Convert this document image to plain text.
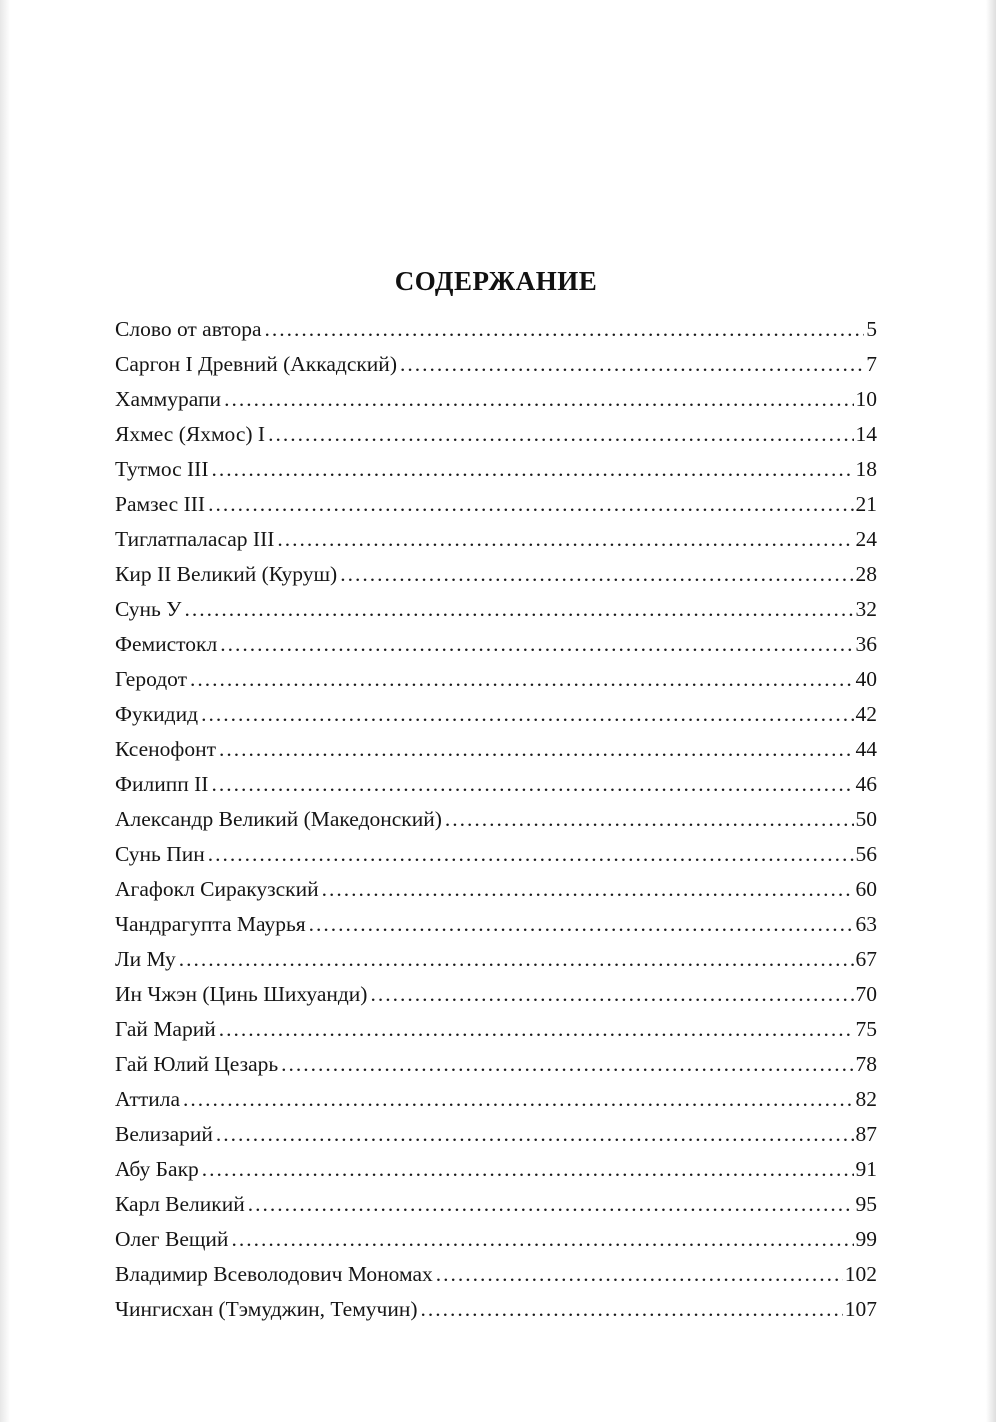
СОДЕРЖАНИЕ
Слово от автора .....	5
Саргон I Древний (Аккадский) .....	7
Хаммурапи .....	10
Яхмес (Яхмос) I .....	14
Тутмос III .....	18
Рамзес III .....	21
Тиглатпаласар III .....	24
Кир II Великий (Куруш) .....	28
Сунь У .....	32
Фемистокл .....	36
Геродот .....	40
Фукидид .....	42
Ксенофонт .....	44
Филипп II .....	46
Александр Великий (Македонский) .....	50
Сунь Пин .....	56
Агафокл Сиракузский .....	60
Чандрагупта Маурья .....	63
Ли Му .....	67
Ин Чжэн (Цинь Шихуанди) .....	70
Гай Марий .....	75
Гай Юлий Цезарь .....	78
Аттила .....	82
Велизарий .....	87
Абу Бакр .....	91
Карл Великий .....	95
Олег Вещий .....	99
Владимир Всеволодович Мономах .....	102
Чингисхан (Тэмуджин, Темучин) .....	107
